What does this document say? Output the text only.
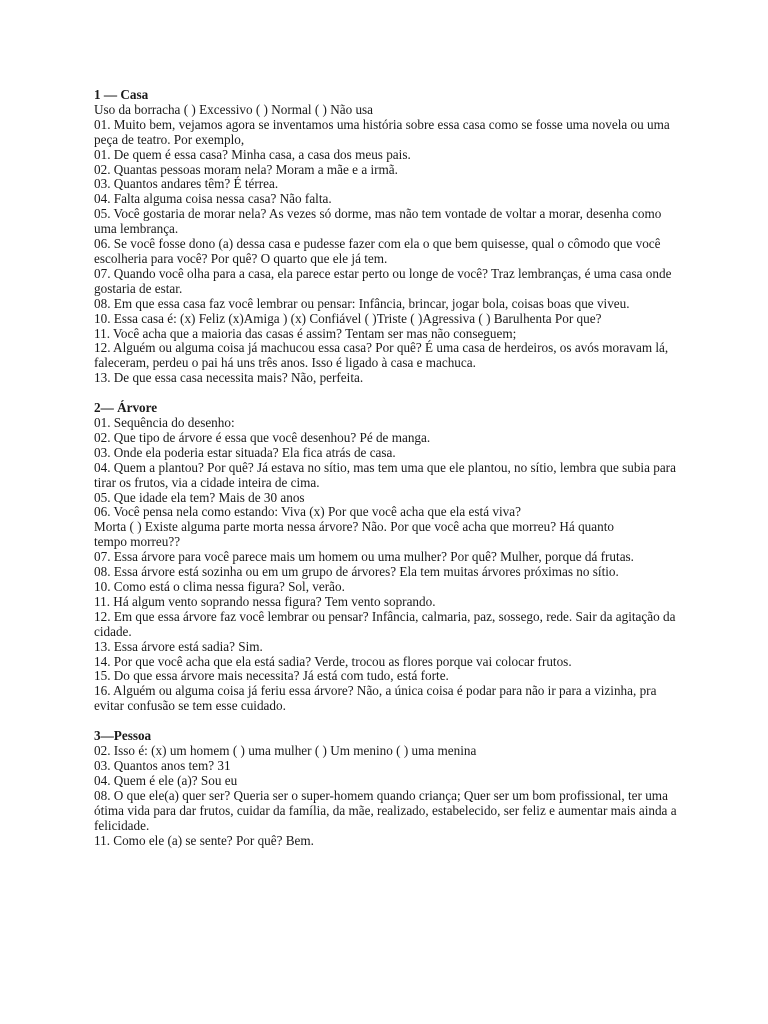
1 — Casa
Uso da borracha ( ) Excessivo ( ) Normal ( ) Não usa
01. Muito bem, vejamos agora se inventamos uma história sobre essa casa como se fosse uma novela ou uma peça de teatro. Por exemplo,
01. De quem é essa casa? Minha casa, a casa dos meus pais.
02. Quantas pessoas moram nela? Moram a mãe e a irmã.
03. Quantos andares têm? É térrea.
04. Falta alguma coisa nessa casa? Não falta.
05. Você gostaria de morar nela? As vezes só dorme, mas não tem vontade de voltar a morar, desenha como uma lembrança.
06. Se você fosse dono (a) dessa casa e pudesse fazer com ela o que bem quisesse, qual o cômodo que você escolheria para você? Por quê? O quarto que ele já tem.
07. Quando você olha para a casa, ela parece estar perto ou longe de você? Traz lembranças, é uma casa onde gostaria de estar.
08. Em que essa casa faz você lembrar ou pensar: Infância, brincar, jogar bola, coisas boas que viveu.
10. Essa casa é: (x) Feliz (x)Amiga ) (x) Confiável ( )Triste ( )Agressiva ( ) Barulhenta Por que?
11. Você acha que a maioria das casas é assim? Tentam ser mas não conseguem;
12. Alguém ou alguma coisa já machucou essa casa? Por quê? É uma casa de herdeiros, os avós moravam lá, faleceram, perdeu o pai há uns três anos. Isso é ligado à casa e machuca.
13. De que essa casa necessita mais? Não, perfeita.
2— Árvore
01. Sequência do desenho:
02. Que tipo de árvore é essa que você desenhou? Pé de manga.
03. Onde ela poderia estar situada? Ela fica atrás de casa.
04. Quem a plantou? Por quê? Já estava no sítio, mas tem uma que ele plantou, no sítio, lembra que subia para tirar os frutos, via a cidade inteira de cima.
05. Que idade ela tem? Mais de 30 anos
06. Você pensa nela como estando: Viva (x) Por que você acha que ela está viva?
Morta ( ) Existe alguma parte morta nessa árvore? Não. Por que você acha que morreu? Há quanto
tempo morreu??
07. Essa árvore para você parece mais um homem ou uma mulher? Por quê? Mulher, porque dá frutas.
08. Essa árvore está sozinha ou em um grupo de árvores? Ela tem muitas árvores próximas no sítio.
10. Como está o clima nessa figura? Sol, verão.
11. Há algum vento soprando nessa figura? Tem vento soprando.
12. Em que essa árvore faz você lembrar ou pensar? Infância, calmaria, paz, sossego, rede. Sair da agitação da cidade.
13. Essa árvore está sadia? Sim.
14. Por que você acha que ela está sadia? Verde, trocou as flores porque vai colocar frutos.
15. Do que essa árvore mais necessita? Já está com tudo, está forte.
16. Alguém ou alguma coisa já feriu essa árvore? Não, a única coisa é podar para não ir para a vizinha, pra evitar confusão se tem esse cuidado.
3—Pessoa
02. Isso é: (x) um homem ( ) uma mulher ( ) Um menino ( ) uma menina
03. Quantos anos tem? 31
04. Quem é ele (a)? Sou eu
08. O que ele(a) quer ser? Queria ser o super-homem quando criança; Quer ser um bom profissional, ter uma ótima vida para dar frutos, cuidar da família, da mãe, realizado, estabelecido, ser feliz e aumentar mais ainda a felicidade.
11. Como ele (a) se sente? Por quê? Bem.
